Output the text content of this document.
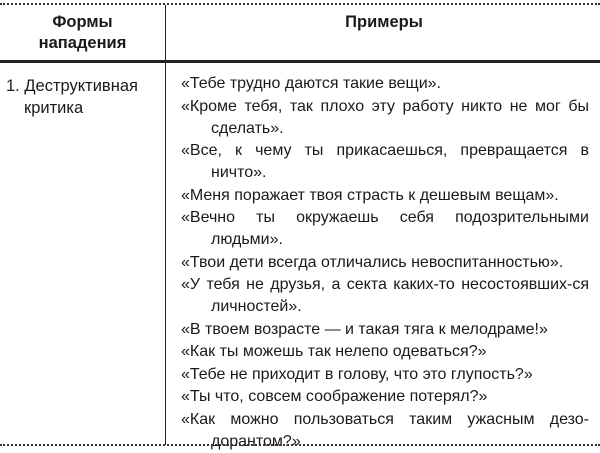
Формы
нападения
Примеры
1. Деструктивная
критика
«Тебе трудно даются такие вещи».
«Кроме тебя, так плохо эту работу никто не мог бы сделать».
«Все, к чему ты прикасаешься, превращается в ничто».
«Меня поражает твоя страсть к дешевым вещам».
«Вечно ты окружаешь себя подозрительными людьми».
«Твои дети всегда отличались невоспитанностью».
«У тебя не друзья, а секта каких-то несостоявших-ся личностей».
«В твоем возрасте — и такая тяга к мелодраме!»
«Как ты можешь так нелепо одеваться?»
«Тебе не приходит в голову, что это глупость?»
«Ты что, совсем соображение потерял?»
«Как можно пользоваться таким ужасным дезо-дорантом?»
